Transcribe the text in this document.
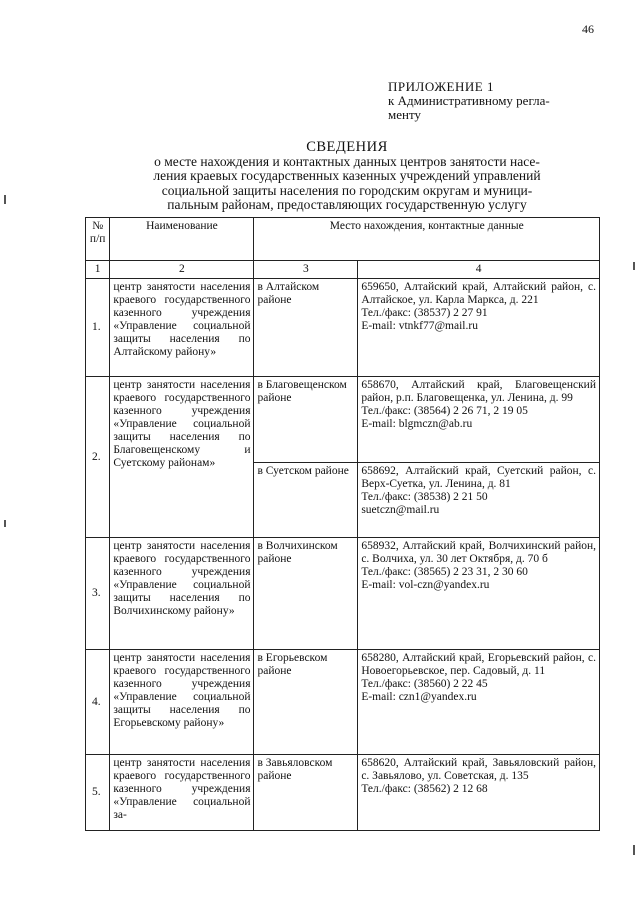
46
ПРИЛОЖЕНИЕ 1
к Административному регла-
менту
СВЕДЕНИЯ
о месте нахождения и контактных данных центров занятости насе-
ления краевых государственных казенных учреждений управлений
социальной защиты населения по городским округам и муници-
пальным районам, предоставляющих государственную услугу
№ п/п	Наименование	Место нахождения, контактные данные	
1	2	3	4
1.	центр занятости населения краевого государственного казенного учреждения «Управление социальной защиты населения по Алтайскому району»	в Алтайском районе	659650, Алтайский край, Алтайский район, с. Алтайское, ул. Карла Маркса, д. 221
Тел./факс: (38537) 2 27 91
E-mail: vtnkf77@mail.ru

2.	центр занятости населения краевого государственного казенного учреждения «Управление социальной защиты населения по Благовещенскому и Суетскому районам»	в Благовещенском районе	658670, Алтайский край, Благовещенский район, р.п. Благовещенка, ул. Ленина, д. 99
Тел./факс: (38564) 2 26 71, 2 19 05
E-mail: blgmczn@ab.ru

		в Суетском районе	658692, Алтайский край, Суетский район, с. Верх-Суетка, ул. Ленина, д. 81
Тел./факс: (38538) 2 21 50
suetczn@mail.ru

3.	центр занятости населения краевого государственного казенного учреждения «Управление социальной защиты населения по Волчихинскому району»	в Волчихинском районе	658932, Алтайский край, Волчихинский район, с. Волчиха, ул. 30 лет Октября, д. 70 б
Тел./факс: (38565) 2 23 31, 2 30 60
E-mail: vol-czn@yandex.ru

4.	центр занятости населения краевого государственного казенного учреждения «Управление социальной защиты населения по Егорьевскому району»	в Егорьевском районе	658280, Алтайский край, Егорьевский район, с. Новоегорьевское, пер. Садовый, д. 11
Тел./факс: (38560) 2 22 45
E-mail: czn1@yandex.ru

5.	центр занятости населения краевого государственного казенного учреждения «Управление социальной за-	в Завьяловском районе	658620, Алтайский край, Завьяловский район, с. Завьялово, ул. Советская, д. 135
Тел./факс: (38562) 2 12 68
